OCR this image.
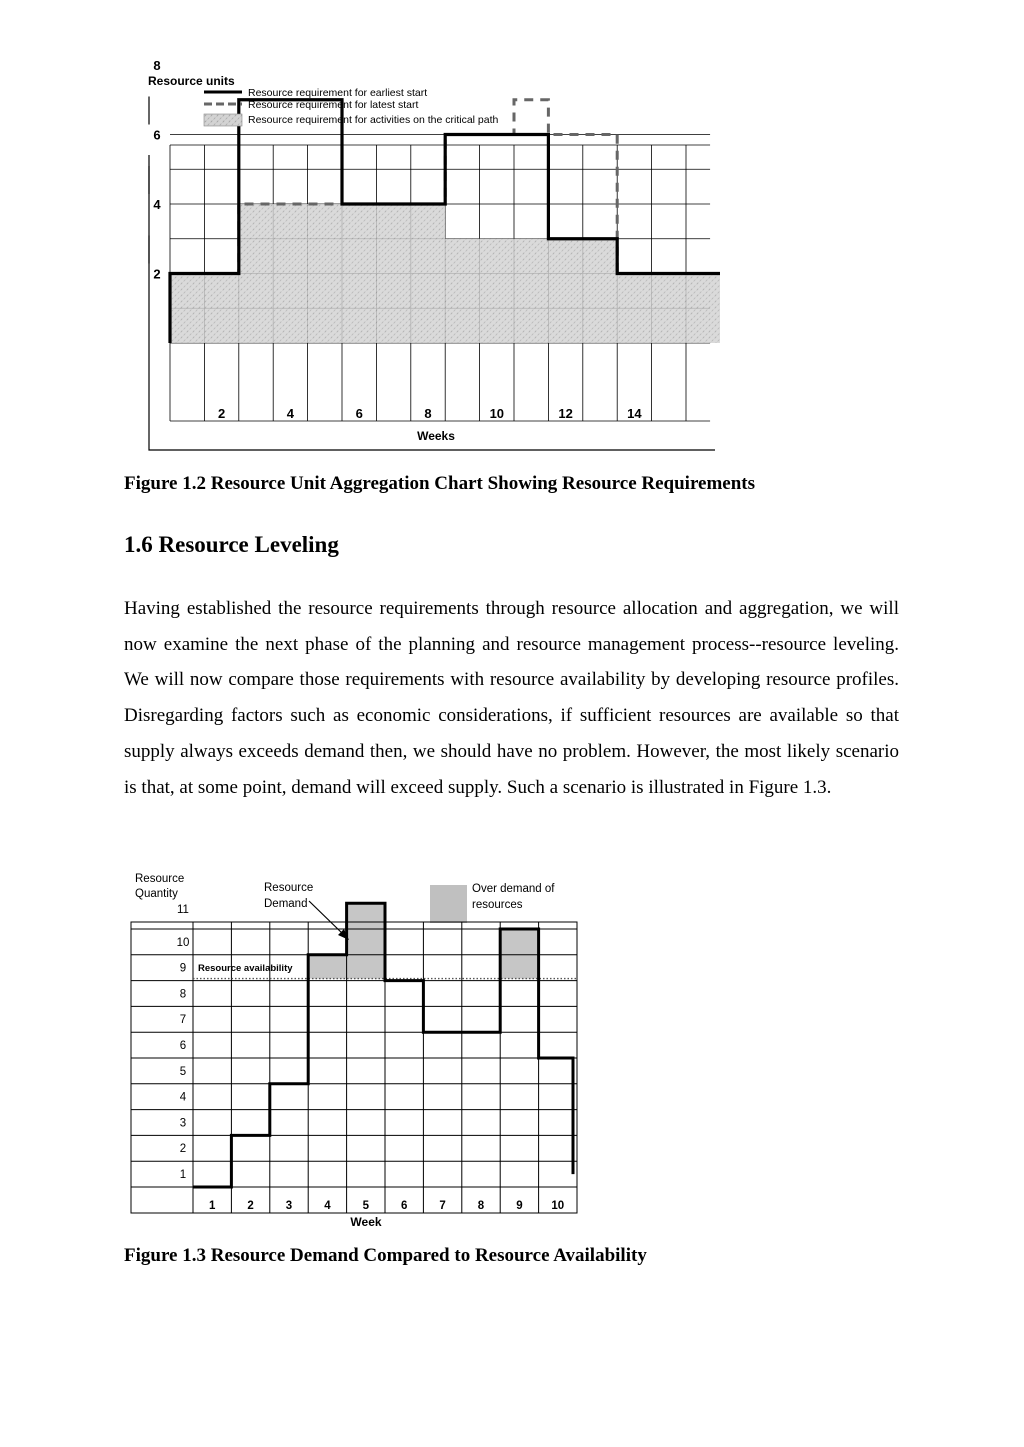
2
4
6
8
2	4	6	8	10	12	14
Weeks
Resource units
Resource requirement for earliest start
Resource requirement for latest start
Resource requirement for activities on the critical path
Figure 1.2 Resource Unit Aggregation Chart Showing Resource Requirements
1.6 Resource Leveling
Having established the resource requirements through resource allocation and aggregation, we will now examine the next phase of the planning and resource management process--resource leveling. We will now compare those requirements with resource availability by developing resource profiles. Disregarding factors such as economic considerations, if sufficient resources are available so that supply always exceeds demand then, we should have no problem. However, the most likely scenario is that, at some point, demand will exceed supply. Such a scenario is illustrated in Figure 1.3.
1
2
3
4
5
6
7
8
9
10
11
1	2	3	4	5	6	7	8	9	10
Week
Resource
Quantity	Resource
Demand
Over demand of
resources
Resource availability
Figure 1.3 Resource Demand Compared to Resource Availability
